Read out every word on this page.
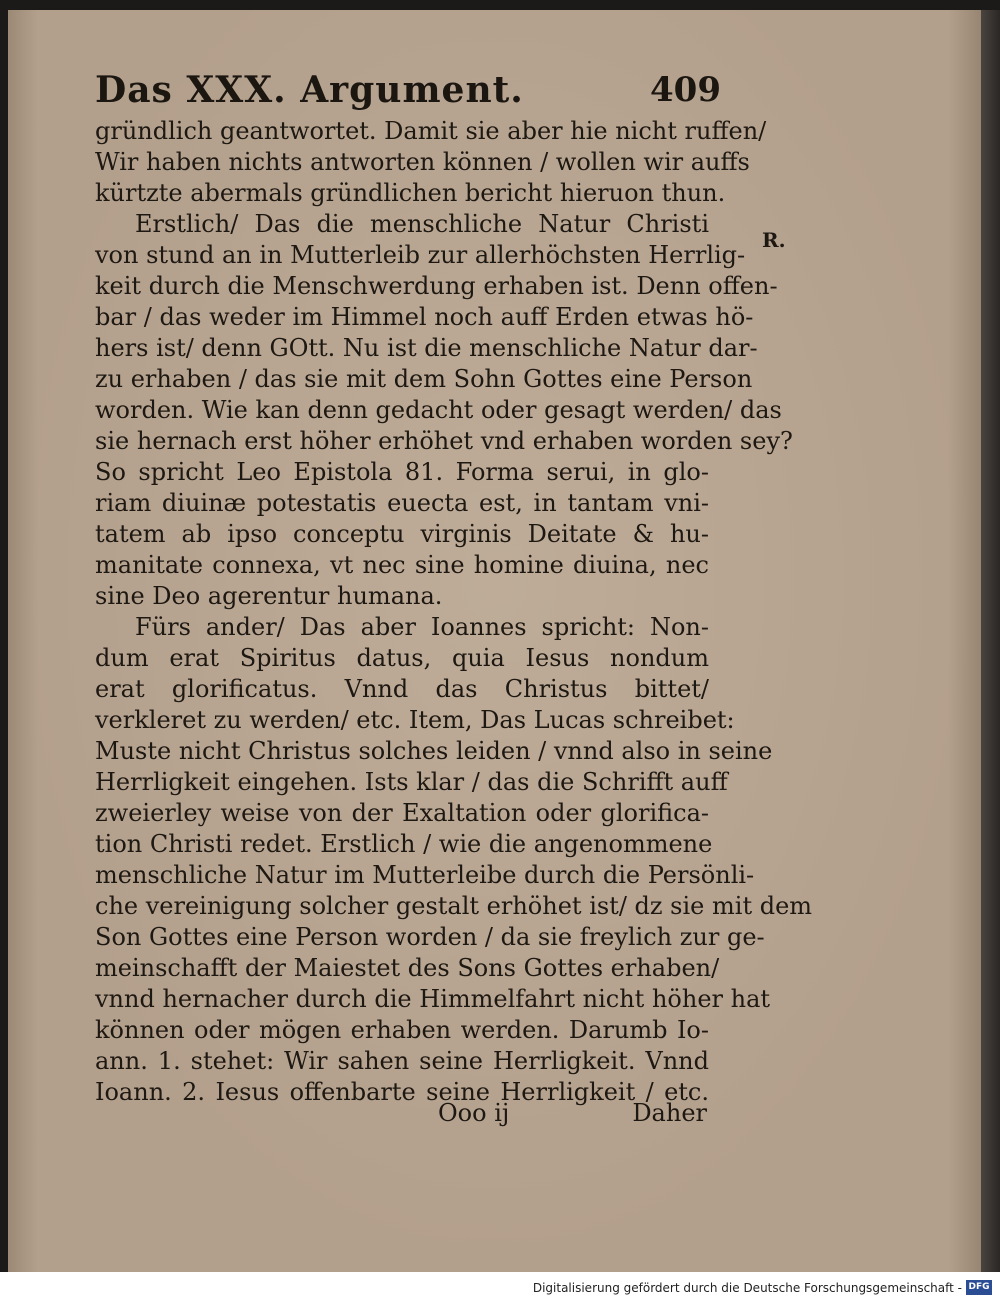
Das XXX. Argument.	409
R.
gründlich geantwortet. Damit sie aber hie nicht ruffen/
Wir haben nichts antworten können / wollen wir auffs
kürtzte abermals gründlichen bericht hieruon thun.
Erstlich/ Das die menschliche Natur Christi
von stund an in Mutterleib zur allerhöchsten Herrlig-
keit durch die Menschwerdung erhaben ist. Denn offen-
bar / das weder im Himmel noch auff Erden etwas hö-
hers ist/ denn GOtt. Nu ist die menschliche Natur dar-
zu erhaben / das sie mit dem Sohn Gottes eine Person
worden. Wie kan denn gedacht oder gesagt werden/ das
sie hernach erst höher erhöhet vnd erhaben worden sey?
So spricht Leo Epistola 81. Forma serui, in glo-
riam diuinæ potestatis euecta est, in tantam vni-
tatem ab ipso conceptu virginis Deitate & hu-
manitate connexa, vt nec sine homine diuina, nec
sine Deo agerentur humana.
Fürs ander/ Das aber Ioannes spricht: Non-
dum erat Spiritus datus, quia Iesus nondum
erat glorificatus. Vnnd das Christus bittet/
verkleret zu werden/ etc. Item, Das Lucas schreibet:
Muste nicht Christus solches leiden / vnnd also in seine
Herrligkeit eingehen. Ists klar / das die Schrifft auff
zweierley weise von der Exaltation oder glorifica-
tion Christi redet. Erstlich / wie die angenommene
menschliche Natur im Mutterleibe durch die Persönli-
che vereinigung solcher gestalt erhöhet ist/ dz sie mit dem
Son Gottes eine Person worden / da sie freylich zur ge-
meinschafft der Maiestet des Sons Gottes erhaben/
vnnd hernacher durch die Himmelfahrt nicht höher hat
können oder mögen erhaben werden. Darumb Io-
ann. 1. stehet: Wir sahen seine Herrligkeit. Vnnd
Ioann. 2. Iesus offenbarte seine Herrligkeit / etc.
Ooo ij	Daher
Digitalisierung gefördert durch die Deutsche Forschungsgemeinschaft - DFG
